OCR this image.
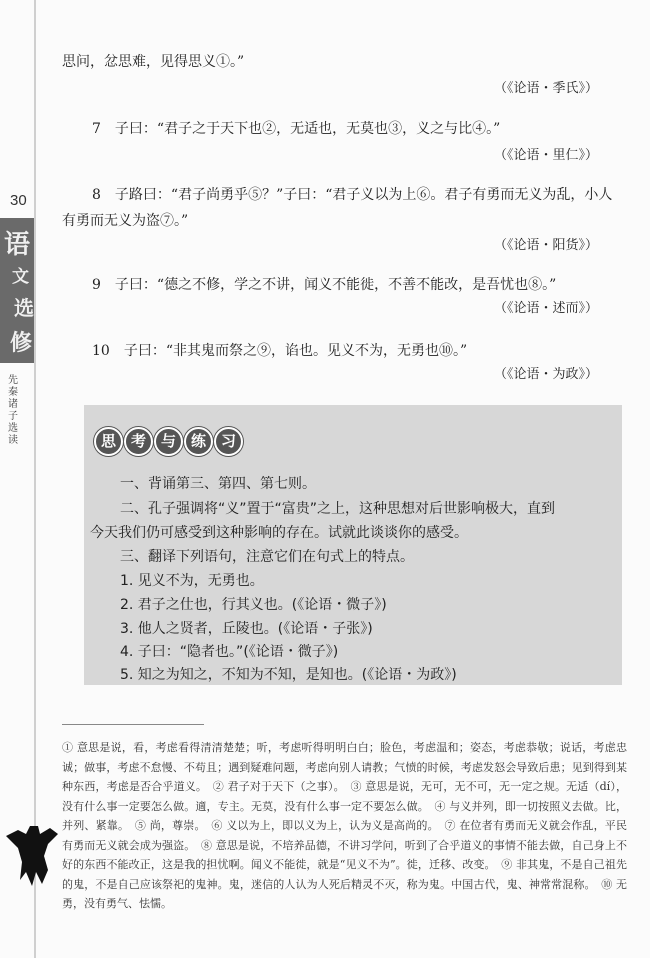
30
语
文
选
修
先秦诸子选读
思问，忿思难，见得思义①。”
（《论语・季氏》）
7　子曰：“君子之于天下也②，无适也，无莫也③，义之与比④。”
（《论语・里仁》）
8　子路曰：“君子尚勇乎⑤？”子曰：“君子义以为上⑥。君子有勇而无义为乱，小人
有勇而无义为盗⑦。”
（《论语・阳货》）
9　子曰：“德之不修，学之不讲，闻义不能徙，不善不能改，是吾忧也⑧。”
（《论语・述而》）
10　子曰：“非其鬼而祭之⑨，谄也。见义不为，无勇也⑩。”
（《论语・为政》）
思 考 与 练 习
一、背诵第三、第四、第七则。
二、孔子强调将“义”置于“富贵”之上，这种思想对后世影响极大，直到
今天我们仍可感受到这种影响的存在。试就此谈谈你的感受。
三、翻译下列语句，注意它们在句式上的特点。
1. 见义不为，无勇也。
2. 君子之仕也，行其义也。(《论语・微子》)
3. 他人之贤者，丘陵也。(《论语・子张》)
4. 子曰：“隐者也。”(《论语・微子》)
5. 知之为知之，不知为不知，是知也。(《论语・为政》)
① 意思是说，看，考虑看得清清楚楚；听，考虑听得明明白白；脸色，考虑温和；姿态，考虑恭敬；说话，考虑忠诚；做事，考虑不怠慢、不苟且；遇到疑难问题，考虑向别人请教；气愤的时候，考虑发怒会导致后患；见到得到某种东西，考虑是否合乎道义。　② 君子对于天下（之事）。　③ 意思是说，无可，无不可，无一定之规。无适（dí），没有什么事一定要怎么做。適，专主。无莫，没有什么事一定不要怎么做。　④ 与义并列，即一切按照义去做。比，并列、紧靠。　⑤ 尚，尊崇。　⑥ 义以为上，即以义为上，认为义是高尚的。　⑦ 在位者有勇而无义就会作乱，平民有勇而无义就会成为强盗。　⑧ 意思是说，不培养品德，不讲习学问，听到了合乎道义的事情不能去做，自己身上不好的东西不能改正，这是我的担忧啊。闻义不能徙，就是“见义不为”。徙，迁移、改变。　⑨ 非其鬼，不是自己祖先的鬼，不是自己应该祭祀的鬼神。鬼，迷信的人认为人死后精灵不灭，称为鬼。中国古代，鬼、神常常混称。　⑩ 无勇，没有勇气、怯懦。
